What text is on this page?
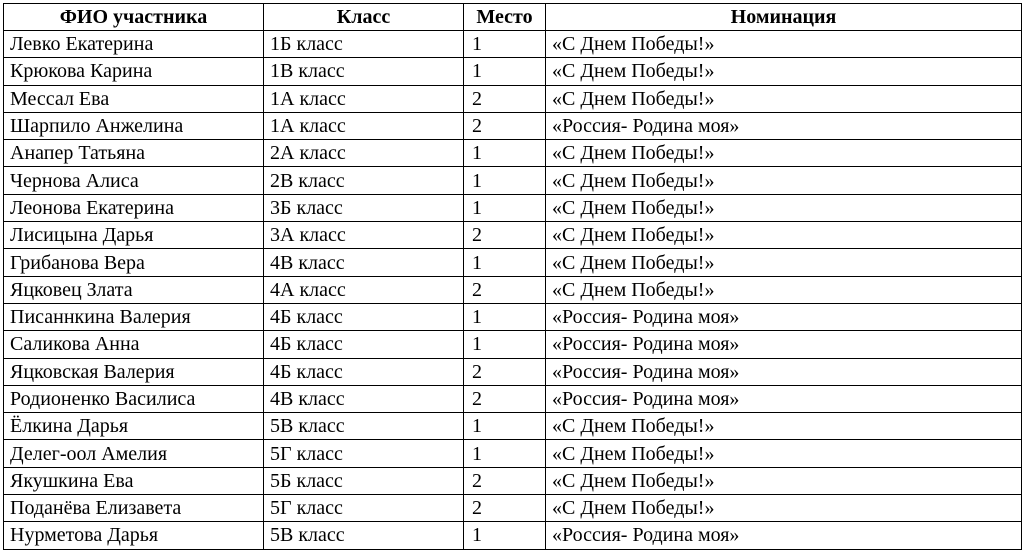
ФИО участника	Класс	Место	Номинация
Левко Екатерина	1Б класс	1	«С Днем Победы!»
Крюкова Карина	1В класс	1	«С Днем Победы!»
Мессал Ева	1А класс	2	«С Днем Победы!»
Шарпило Анжелина	1А класс	2	«Россия- Родина моя»
Анапер Татьяна	2А класс	1	«С Днем Победы!»
Чернова Алиса	2В класс	1	«С Днем Победы!»
Леонова Екатерина	3Б класс	1	«С Днем Победы!»
Лисицына Дарья	3А класс	2	«С Днем Победы!»
Грибанова Вера	4В класс	1	«С Днем Победы!»
Яцковец Злата	4А класс	2	«С Днем Победы!»
Писаннкина Валерия	4Б класс	1	«Россия- Родина моя»
Саликова Анна	4Б класс	1	«Россия- Родина моя»
Яцковская Валерия	4Б класс	2	«Россия- Родина моя»
Родионенко Василиса	4В класс	2	«Россия- Родина моя»
Ёлкина Дарья	5В класс	1	«С Днем Победы!»
Делег-оол Амелия	5Г класс	1	«С Днем Победы!»
Якушкина Ева	5Б класс	2	«С Днем Победы!»
Поданёва Елизавета	5Г класс	2	«С Днем Победы!»
Нурметова Дарья	5В класс	1	«Россия- Родина моя»
